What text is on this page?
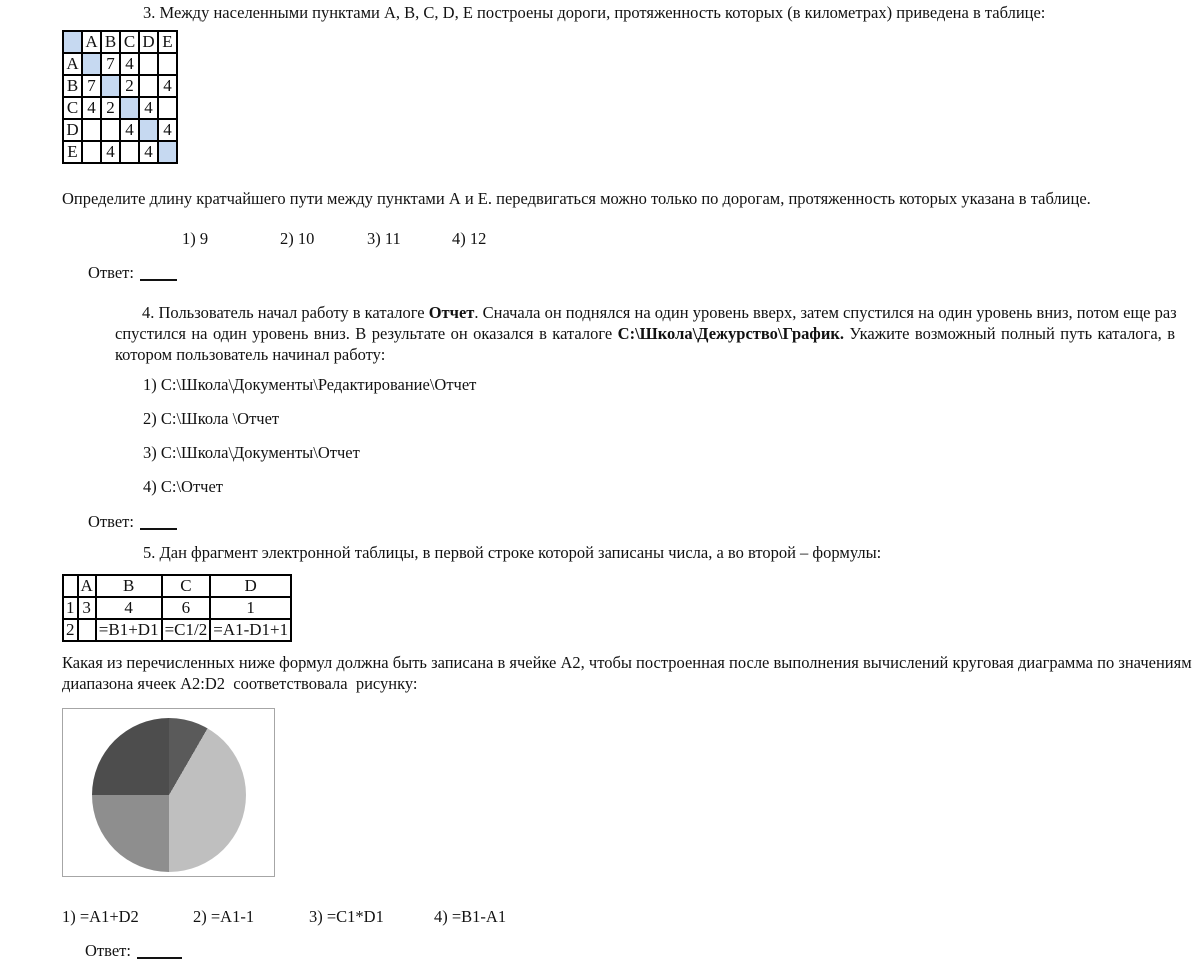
3. Между населенными пунктами A, B, C, D, E построены дороги, протяженность которых (в километрах) приведена в таблице:
	A	B	C	D	E
A		7	4		
B	7		2		4
C	4	2		4	
D			4		4
E		4		4	
Определите длину кратчайшего пути между пунктами А и Е. передвигаться можно только по дорогам, протяженность которых указана в таблице.
1) 9	2) 10	3) 11	4) 12
Ответ:
4. Пользователь начал работу в каталоге Отчет. Сначала он поднялся на один уровень вверх, затем спустился на один уровень вниз, потом еще раз
спустился на один уровень вниз. В результате он оказался в каталоге C:\Школа\Дежурство\График. Укажите возможный полный путь каталога, в
котором пользователь начинал работу:
1) C:\Школа\Документы\Редактирование\Отчет
2) C:\Школа \Отчет
3) C:\Школа\Документы\Отчет
4) C:\Отчет
Ответ:
5. Дан фрагмент электронной таблицы, в первой строке которой записаны числа, а во второй – формулы:
	A	B	C	D
1	3	4	6	1
2		=B1+D1	=C1/2	=A1-D1+1
Какая из перечисленных ниже формул должна быть записана в ячейке А2, чтобы построенная после выполнения вычислений круговая диаграмма по значениям
диапазона ячеек А2:D2  соответствовала  рисунку:
1) =A1+D2	2) =A1-1	3) =C1*D1	4) =B1-A1
Ответ:
